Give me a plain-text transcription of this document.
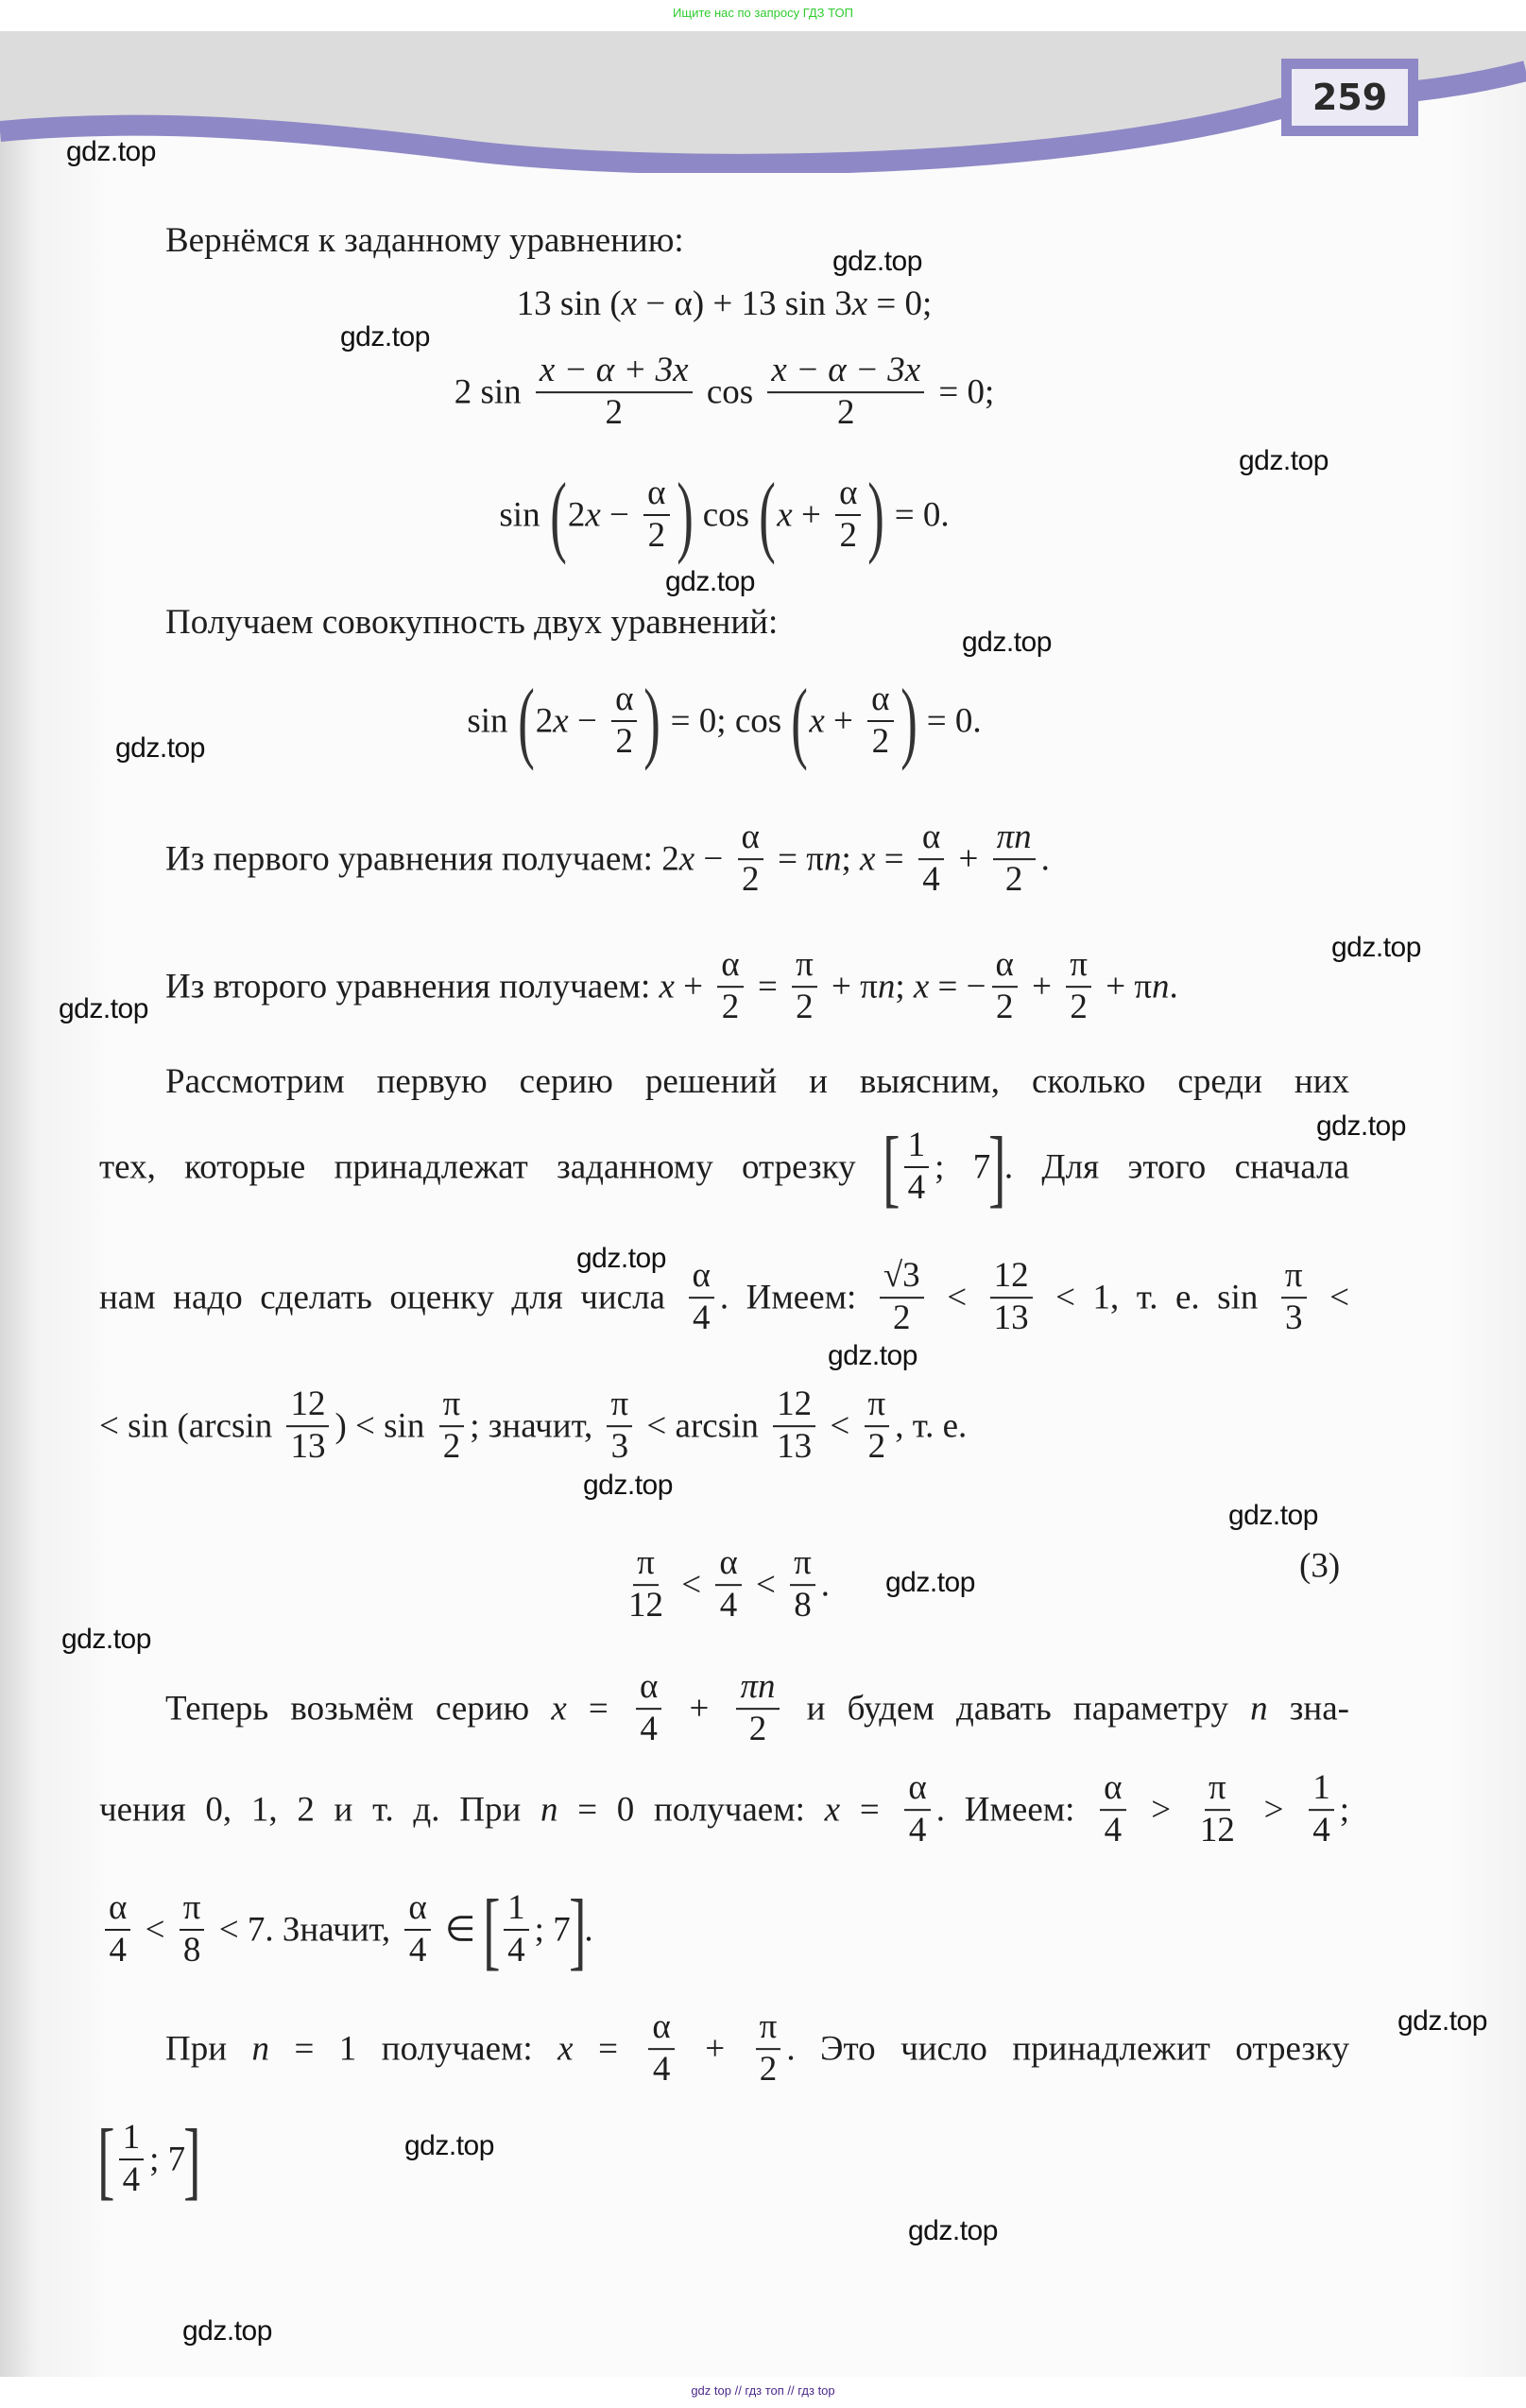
Ищите нас по запросу ГДЗ ТОП
259
Вернёмся к заданному уравнению:
13 sin (x − α) + 13 sin 3x = 0;
2 $\sin \frac{x - \alpha + 3x}{2}$ $\cos \frac{x - \alpha - 3x}{2} = 0$;
$\sin (2x - \frac{\alpha}{2}$ ) $\cos (x + \frac{\alpha}{2}$ ) = 0.
Получаем совокупность двух уравнений:
$\sin (2x - \frac{\alpha}{2}$ ) = 0; $\cos (x + \frac{\alpha}{2}$ ) = 0.
Из первого уравнения получаем: $2x - \frac{\alpha}{2} = \pi n$; $x = \frac{\alpha}{4} + \frac{\pi n}{2}$ .
Из второго уравнения получаем: $x + \frac{\alpha}{2} = \frac{\pi}{2} + \pi n$; x = − $\frac{\alpha}{2} + \frac{\pi}{2} + \pi n$.
Рассмотрим первую серию решений и выясним, сколько среди них
тех, которые принадлежат заданному отрезку [ $\frac{1}{4}$ ; 7]. Для этого сначала
нам надо сделать оценку для числа $\frac{\alpha}{4}$ . Имеем: $\frac{√3}{2} < \frac{12}{13} < 1$, т. е. $\sin \frac{\pi}{3}$ <
< $\sin (\arcsin \frac{12}{13}$ ) < $\sin \frac{\pi}{2}$ ; значит, $\frac{\pi}{3} < \arcsin \frac{12}{13} < \frac{\pi}{2}$ , т. е.
$\frac{\pi}{12} < \frac{\alpha}{4} < \frac{\pi}{8}$ .
Теперь возьмём серию $x = \frac{\alpha}{4} + \frac{\pi n}{2}$ и будем давать параметру n зна-
чения 0, 1, 2 и т. д. При n = 0 получаем: $x = \frac{\alpha}{4}$ . Имеем: $\frac{\alpha}{4} > \frac{\pi}{12} > \frac{1}{4}$ ;
$\frac{\alpha}{4} < \frac{\pi}{8} < 7$. Значит, $\frac{\alpha}{4}$ ∈ [ $\frac{1}{4}$ ; 7].
При n = 1 получаем: $x = \frac{\alpha}{4} + \frac{\pi}{2}$ . Это число принадлежит отрезку
[ $\frac{1}{4}$ ; 7]
(3)
gdz.top
gdz.top
gdz.top
gdz.top
gdz.top
gdz.top
gdz.top
gdz.top
gdz.top
gdz.top
gdz.top
gdz.top
gdz.top
gdz.top
gdz.top
gdz.top
gdz.top
gdz.top
gdz.top
gdz.top
gdz top // гдз топ // гдз top
